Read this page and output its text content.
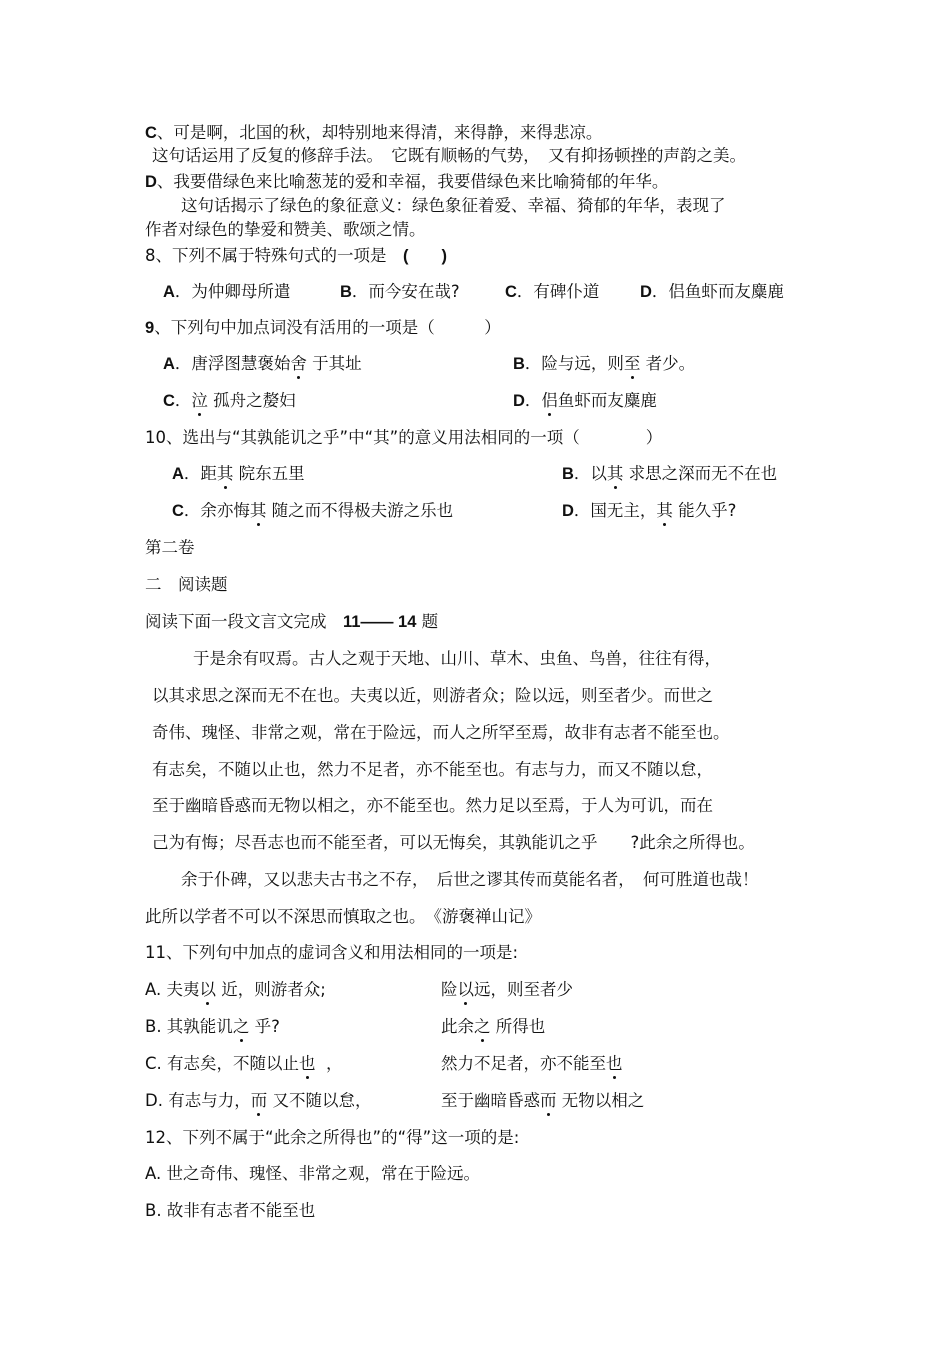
C、可是啊，北国的秋，却特别地来得清，来得静，来得悲凉。
这句话运用了反复的修辞手法。　它既有顺畅的气势，　又有抑扬顿挫的声韵之美。
D、我要借绿色来比喻葱茏的爱和幸福，我要借绿色来比喻猗郁的年华。
这句话揭示了绿色的象征意义：绿色象征着爱、幸福、猗郁的年华，表现了
作者对绿色的挚爱和赞美、歌颂之情。
8、下列不属于特殊句式的一项是　 (　　)
A．为仲卿母所遣	B．而今安在哉?	C．有碑仆道 D．侣鱼虾而友麋鹿
9、下列句中加点词没有活用的一项是（　　　）
A．唐浮图慧褒始舍 于其址	B．险与远，则至 者少。
C．泣 孤舟之嫠妇	D．侣鱼虾而友麋鹿
10、选出与“其孰能讥之乎”中“其”的意义用法相同的一项（　　　　）
A．距其 院东五里	B．以其 求思之深而无不在也
C．余亦悔其 随之而不得极夫游之乐也	D．国无主，其 能久乎?
第二卷
二　阅读题
阅读下面一段文言文完成　 11—— 14 题
于是余有叹焉。古人之观于天地、山川、草木、虫鱼、鸟兽，往往有得，
以其求思之深而无不在也。夫夷以近，则游者众；险以远，则至者少。而世之
奇伟、瑰怪、非常之观，常在于险远，而人之所罕至焉，故非有志者不能至也。
有志矣，不随以止也，然力不足者，亦不能至也。有志与力，而又不随以怠，
至于幽暗昏惑而无物以相之，亦不能至也。然力足以至焉，于人为可讥，而在
己为有悔；尽吾志也而不能至者，可以无悔矣，其孰能讥之乎　　?此余之所得也。
余于仆碑，又以悲夫古书之不存，　后世之谬其传而莫能名者，　何可胜道也哉！
此所以学者不可以不深思而慎取之也。　《游褒禅山记》
11、下列句中加点的虚词含义和用法相同的一项是:
A. 夫夷以 近，则游者众;	险以远，则至者少
B. 其孰能讥之 乎?	此余之 所得也
C. 有志矣，不随以止也 ，	然力不足者，亦不能至也
D. 有志与力，而 又不随以怠，	至于幽暗昏惑而 无物以相之
12、下列不属于“此余之所得也”的“得”这一项的是:
A. 世之奇伟、瑰怪、非常之观，常在于险远。
B. 故非有志者不能至也
